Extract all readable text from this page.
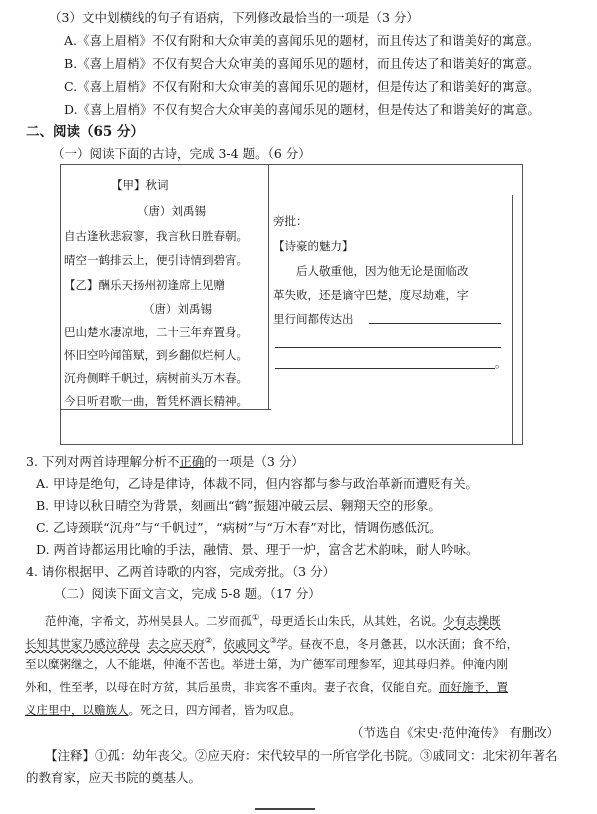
（3）文中划横线的句子有语病，下列修改最恰当的一项是（3 分）
A.《喜上眉梢》不仅有附和大众审美的喜闻乐见的题材，而且传达了和谐美好的寓意。
B.《喜上眉梢》不仅有契合大众审美的喜闻乐见的题材，而且传达了和谐美好的寓意。
C.《喜上眉梢》不仅有附和大众审美的喜闻乐见的题材，但是传达了和谐美好的寓意。
D.《喜上眉梢》不仅有契合大众审美的喜闻乐见的题材，但是传达了和谐美好的寓意。
二、阅读（65 分）
（一）阅读下面的古诗，完成 3-4 题。（6 分）
【甲】秋词
（唐）刘禹锡
自古逢秋悲寂寥，我言秋日胜春朝。
晴空一鹤排云上，便引诗情到碧宵。
【乙】酬乐天扬州初逢席上见赠
（唐）刘禹锡
巴山楚水凄凉地，二十三年弃置身。
怀旧空吟闻笛赋，到乡翻似烂柯人。
沉舟侧畔千帆过，病树前头万木春。
今日听君歌一曲，暂凭杯酒长精神。
旁批：
【诗豪的魅力】
后人敬重他，因为他无论是面临改
革失败，还是谪守巴楚，度尽劫难，字
里行间都传达出
。
3. 下列对两首诗理解分析不正确的一项是（3 分）
A. 甲诗是绝句，乙诗是律诗，体裁不同，但内容都与参与政治革新而遭贬有关。
B. 甲诗以秋日晴空为背景，刻画出“鹤”振翅冲破云层、翱翔天空的形象。
C. 乙诗颈联“沉舟”与“千帆过”，“病树”与“万木春”对比，情调伤感低沉。
D. 两首诗都运用比喻的手法，融情、景、理于一炉，富含艺术韵味，耐人吟咏。
4. 请你根据甲、乙两首诗歌的内容，完成旁批。（3 分）
（二）阅读下面文言文，完成 5-8 题。（17 分）
范仲淹，字希文，苏州吴县人。二岁而孤①，母更适长山朱氏，从其姓，名说。少有志操既
长知其世家乃感泣辞母 去之应天府②，依戚同文③学。昼夜不息，冬月惫甚，以水沃面；食不给，
至以糜粥继之，人不能堪，仲淹不苦也。举进士第，为广德军司理参军，迎其母归养。仲淹内刚
外和，性至孝，以母在时方贫，其后虽贵，非宾客不重肉。妻子衣食，仅能自充。而好施予，置
义庄里中，以赡族人。死之日，四方闻者，皆为叹息。
（节选自《宋史·范仲淹传》 有删改）
【注释】①孤：幼年丧父。②应天府：宋代较早的一所官学化书院。③戚同文：北宋初年著名
的教育家，应天书院的奠基人。
